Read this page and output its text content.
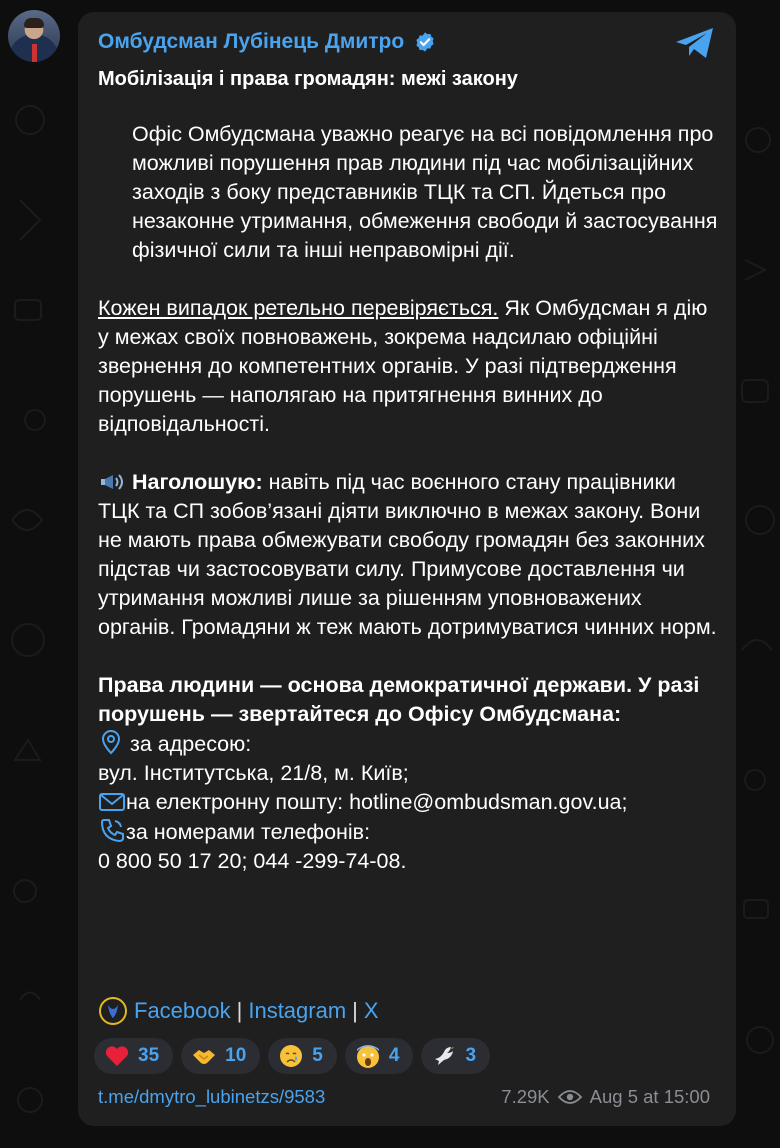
Омбудсман Лубінець Дмитро
Мобілізація і права громадян: межі закону

Офіс Омбудсмана уважно реагує на всі повідомлення про можливі порушення прав людини під час мобілізаційних заходів з боку представників ТЦК та СП. Йдеться про незаконне утримання, обмеження свободи й застосування фізичної сили та інші неправомірні дії.

Кожен випадок ретельно перевіряється. Як Омбудсман я дію у межах своїх повноважень, зокрема надсилаю офіційні звернення до компетентних органів. У разі підтвердження порушень — наполягаю на притягнення винних до відповідальності.

Наголошую: навіть під час воєнного стану працівники ТЦК та СП зобов’язані діяти виключно в межах закону. Вони не мають права обмежувати свободу громадян без законних підстав чи застосовувати силу. Примусове доставлення чи утримання можливі лише за рішенням уповноважених органів. Громадяни ж теж мають дотримуватися чинних норм.

Права людини — основа демократичної держави. У разі порушень — звертайтеся до Офісу Омбудсмана:

за адресою:

вул. Інститутська, 21/8, м. Київ;

на електронну пошту: hotline@ombudsman.gov.ua;

за номерами телефонів:

0 800 50 17 20; 044 -299-74-08.

Facebook | Instagram | X
35	10	5	4	3
t.me/dmytro_lubinetzs/9583	7.29K Aug 5 at 15:00
